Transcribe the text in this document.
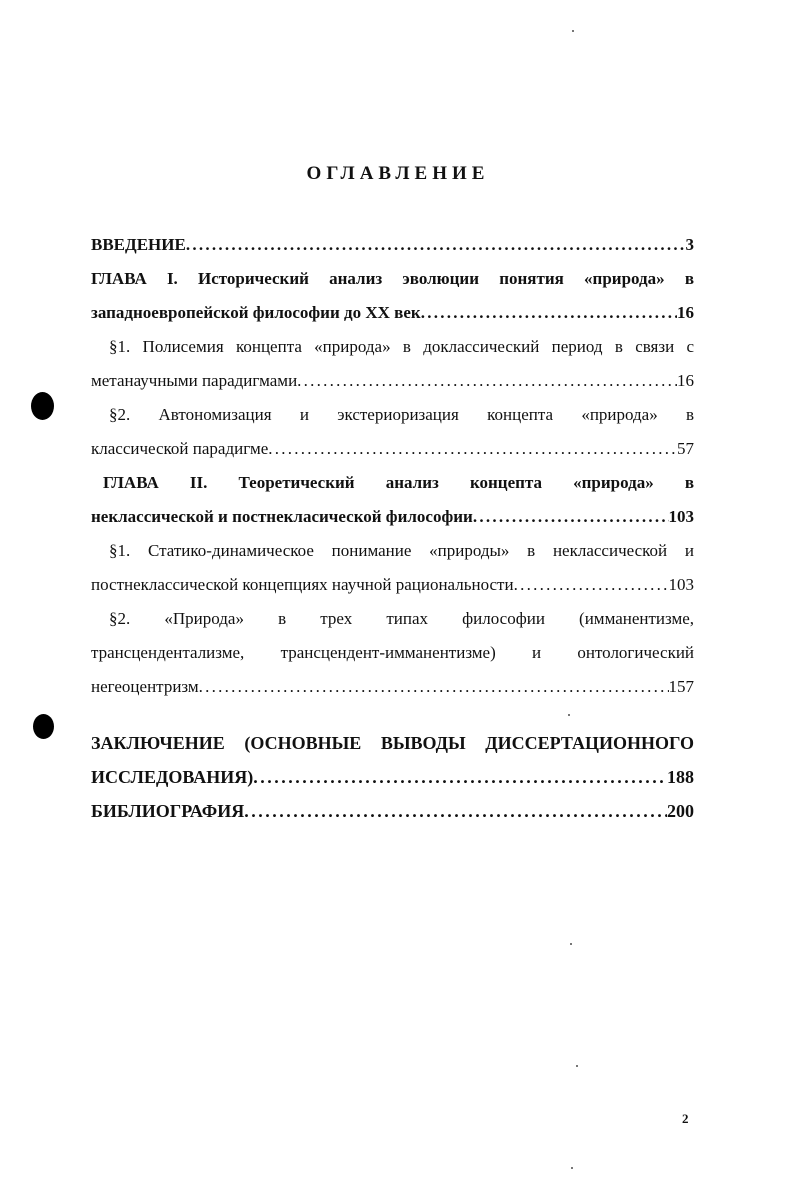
ОГЛАВЛЕНИЕ
ВВЕДЕНИЕ . . .	3
ГЛАВА I. Исторический анализ эволюции понятия «природа» в
западноевропейской философии до XX век . . .	16
§1. Полисемия концепта «природа» в доклассический период в связи с
метанаучными парадигмами . . .	16
§2. Автономизация и экстериоризация концепта «природа» в
классической парадигме . . .	57
ГЛАВА II. Теоретический анализ концепта «природа» в
неклассической и постнекласической философии . . .	103
§1. Статико-динамическое понимание «природы» в неклассической и
постнеклассической концепциях научной рациональности . . .	103
§2. «Природа» в трех типах философии (имманентизме,
трансцендентализме, трансцендент-имманентизме) и онтологический
негеоцентризм . . .	157
ЗАКЛЮЧЕНИЕ (ОСНОВНЫЕ ВЫВОДЫ ДИССЕРТАЦИОННОГО
ИССЛЕДОВАНИЯ) . . .	188
БИБЛИОГРАФИЯ . . .	200
2
